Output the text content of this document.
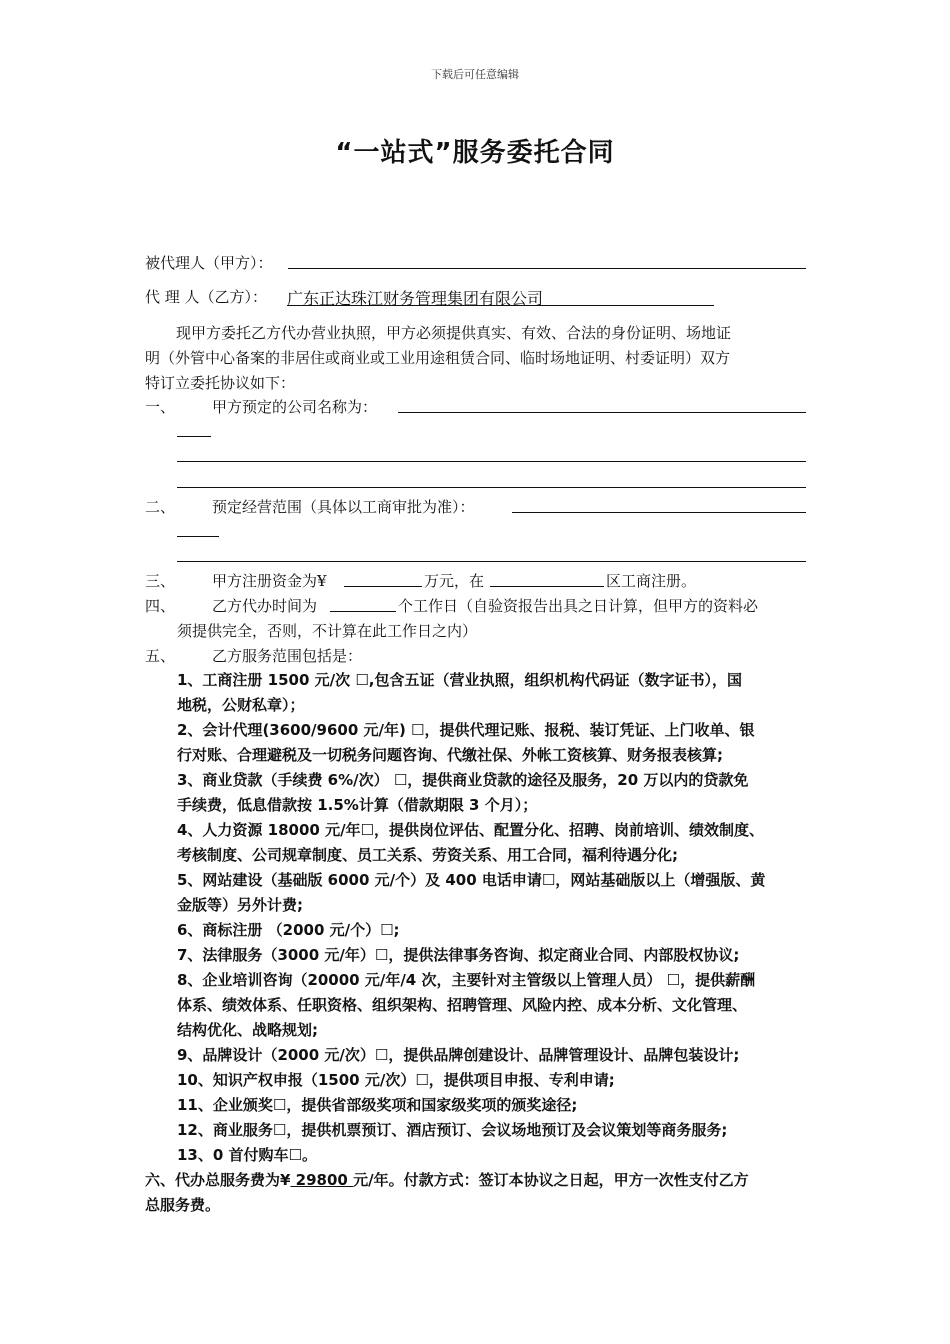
下载后可任意编辑
“一站式”服务委托合同
被代理人（甲方）：
代 理 人（乙方）： 广东正达珠江财务管理集团有限公司
现甲方委托乙方代办营业执照，甲方必须提供真实、有效、合法的身份证明、场地证
明（外管中心备案的非居住或商业或工业用途租赁合同、临时场地证明、村委证明）双方
特订立委托协议如下：
一、 甲方预定的公司名称为：
二、 预定经营范围（具体以工商审批为准）：
三、 甲方注册资金为¥	万元，在	区工商注册。
四、 乙方代办时间为	个工作日（自验资报告出具之日计算，但甲方的资料必
须提供完全，否则，不计算在此工作日之内）
五、 乙方服务范围包括是：
1、工商注册 1500 元/次 ☐,包含五证（营业执照，组织机构代码证（数字证书），国
地税，公财私章）；
2、会计代理(3600/9600 元/年) ☐，提供代理记账、报税、装订凭证、上门收单、银
行对账、合理避税及一切税务问题咨询、代缴社保、外帐工资核算、财务报表核算;
3、商业贷款（手续费 6%/次） ☐，提供商业贷款的途径及服务，20 万以内的贷款免
手续费，低息借款按 1.5%计算（借款期限 3 个月）；
4、人力资源 18000 元/年☐，提供岗位评估、配置分化、招聘、岗前培训、绩效制度、
考核制度、公司规章制度、员工关系、劳资关系、用工合同，福利待遇分化;
5、网站建设（基础版 6000 元/个）及 400 电话申请☐，网站基础版以上（增强版、黄
金版等）另外计费;
6、商标注册 （2000 元/个）☐;
7、法律服务（3000 元/年）☐，提供法律事务咨询、拟定商业合同、内部股权协议;
8、企业培训咨询（20000 元/年/4 次，主要针对主管级以上管理人员） ☐，提供薪酬
体系、绩效体系、任职资格、组织架构、招聘管理、风险内控、成本分析、文化管理、
结构优化、战略规划;
9、品牌设计（2000 元/次）☐，提供品牌创建设计、品牌管理设计、品牌包装设计;
10、知识产权申报（1500 元/次）☐，提供项目申报、专利申请;
11、企业颁奖☐，提供省部级奖项和国家级奖项的颁奖途径;
12、商业服务☐，提供机票预订、酒店预订、会议场地预订及会议策划等商务服务;
13、0 首付购车☐。
六、代办总服务费为¥ 29800 元/年。付款方式：签订本协议之日起，甲方一次性支付乙方
总服务费。
